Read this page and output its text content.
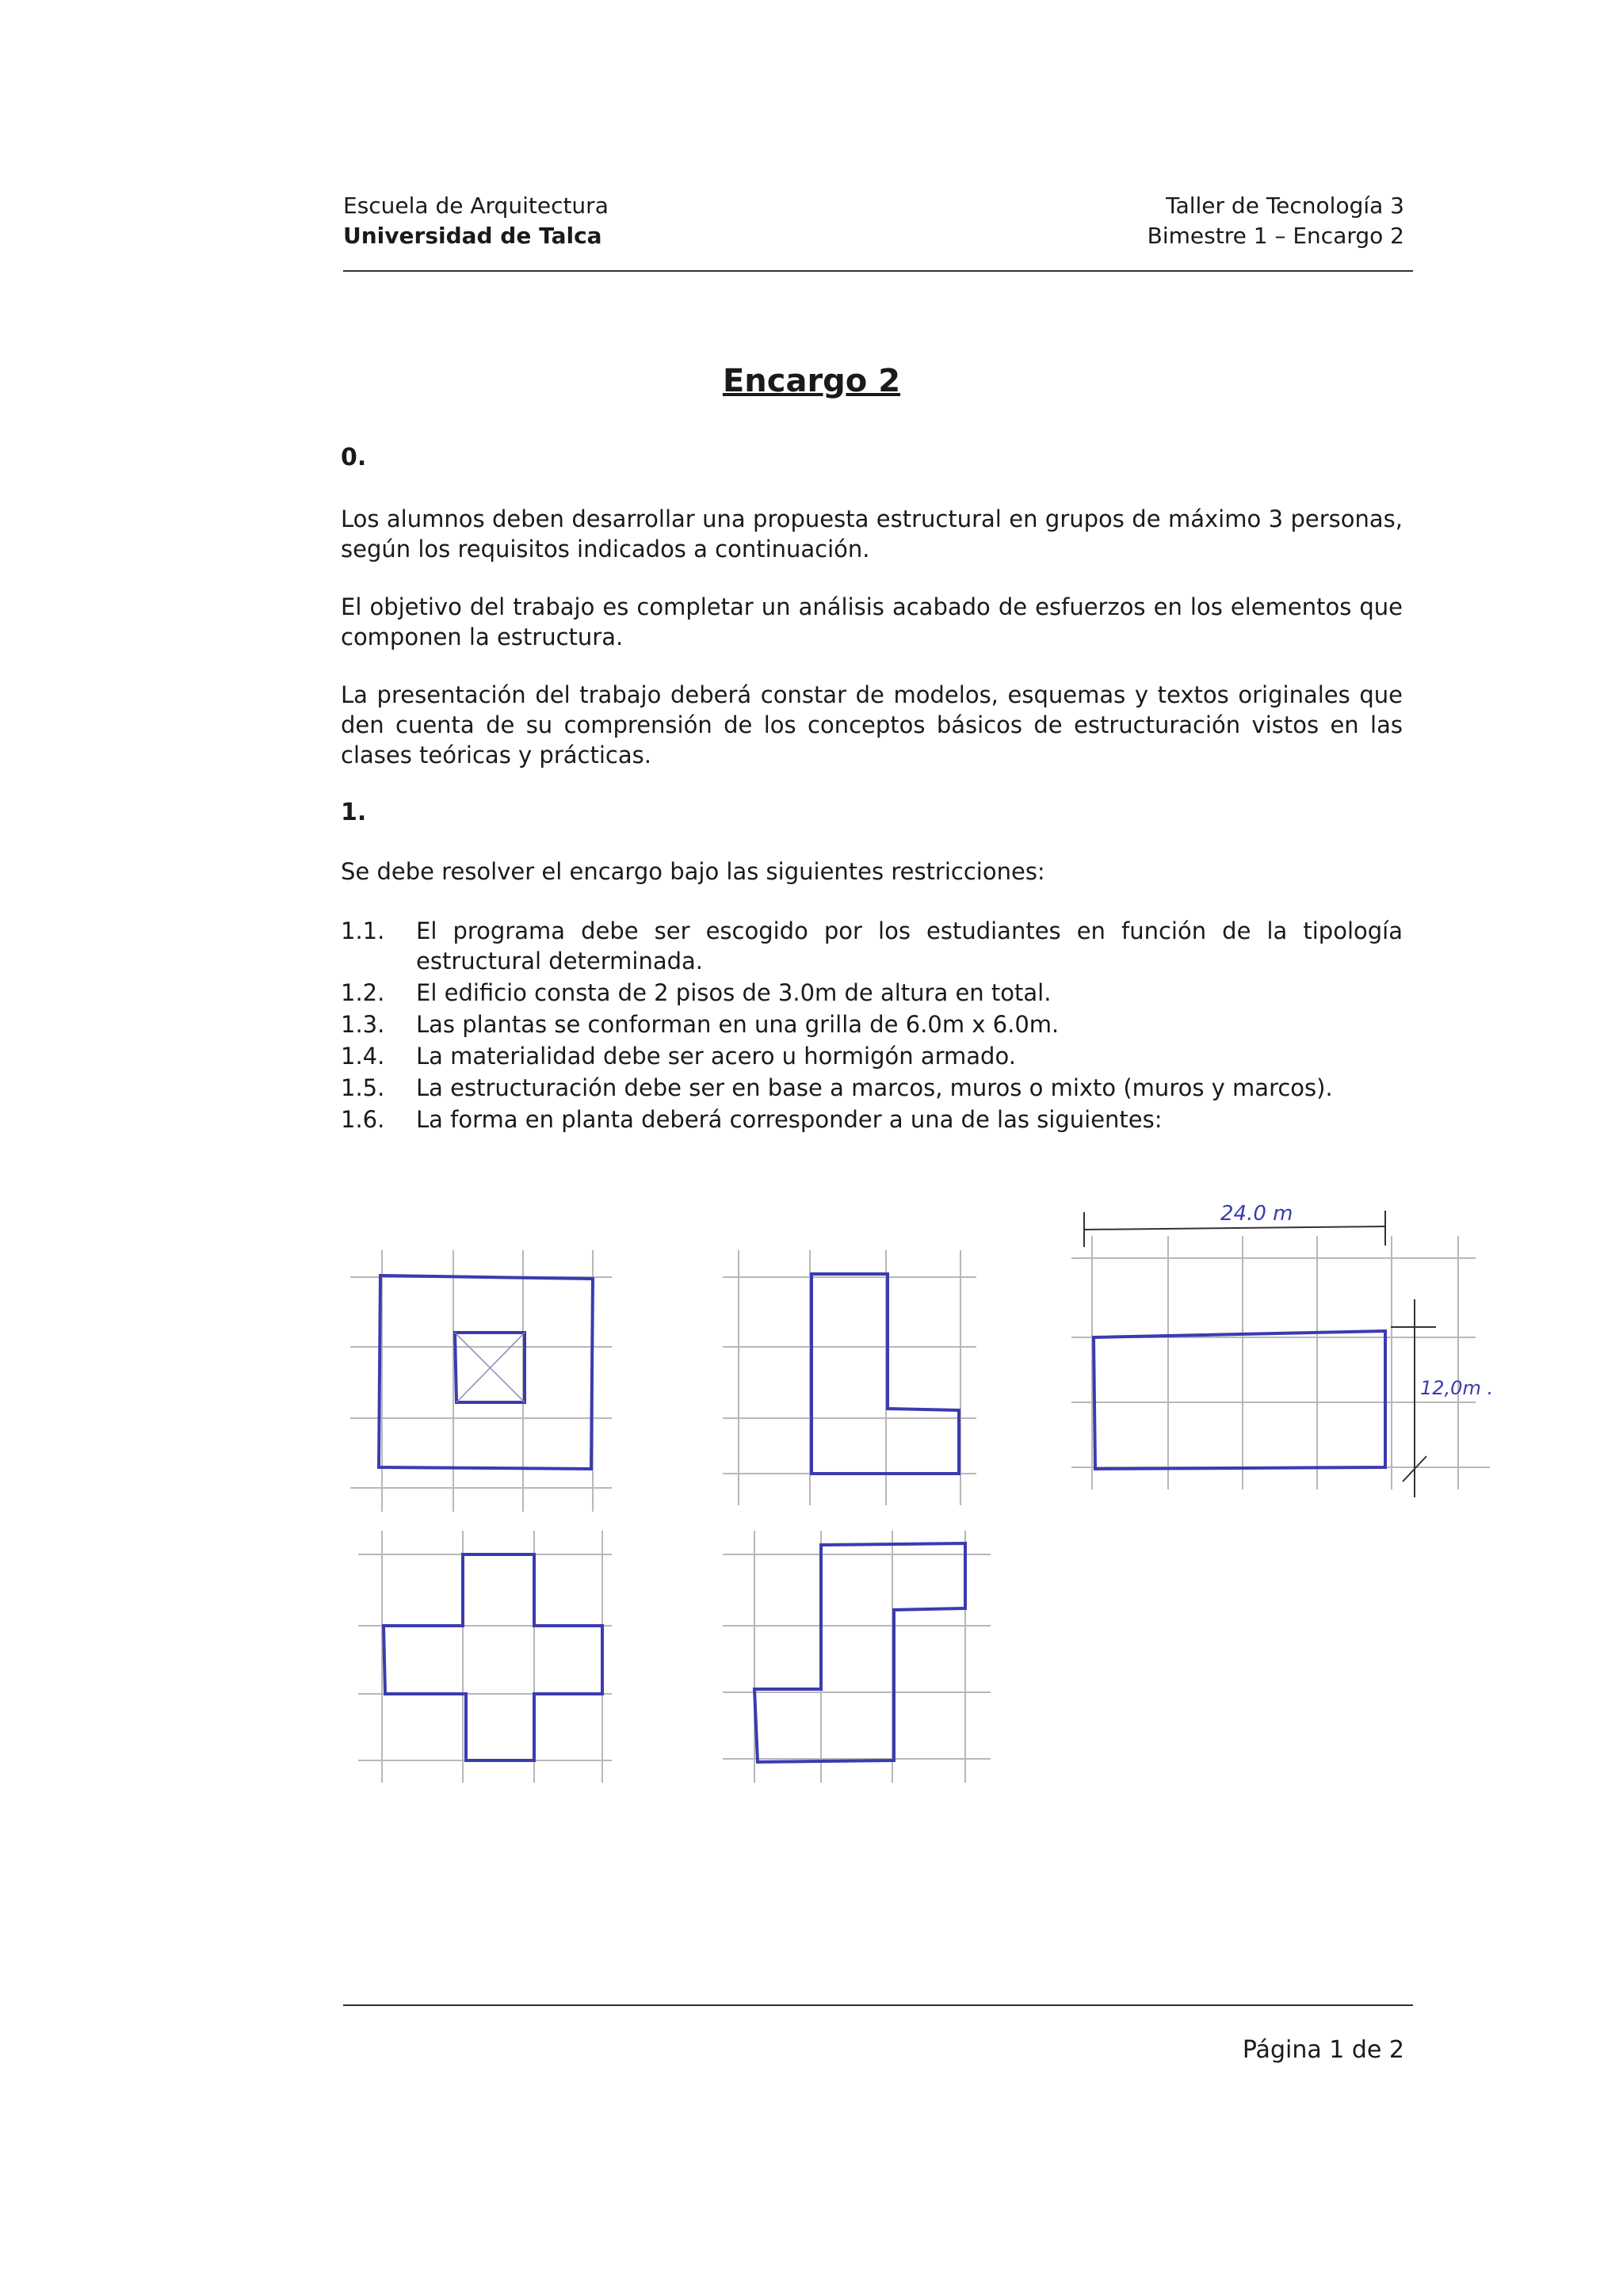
Escuela de Arquitectura
Universidad de Talca
Taller de Tecnología 3
Bimestre 1 – Encargo 2
Encargo 2
0.
Los alumnos deben desarrollar una propuesta estructural en grupos de máximo 3 personas, según los requisitos indicados a continuación.
El objetivo del trabajo es completar un análisis acabado de esfuerzos en los elementos que componen la estructura.
La presentación del trabajo deberá constar de modelos, esquemas y textos originales que den cuenta de su comprensión de los conceptos básicos de estructuración vistos en las clases teóricas y prácticas.
1.
Se debe resolver el encargo bajo las siguientes restricciones:
1.1.	El programa debe ser escogido por los estudiantes en función de la tipología estructural determinada.
1.2.	El edificio consta de 2 pisos de 3.0m de altura en total.
1.3.	Las plantas se conforman en una grilla de 6.0m x 6.0m.
1.4.	La materialidad debe ser acero u hormigón armado.
1.5.	La estructuración debe ser en base a marcos, muros o mixto (muros y marcos).
1.6.	La forma en planta deberá corresponder a una de las siguientes:
24.0 m
12,0m .
Página 1 de 2
